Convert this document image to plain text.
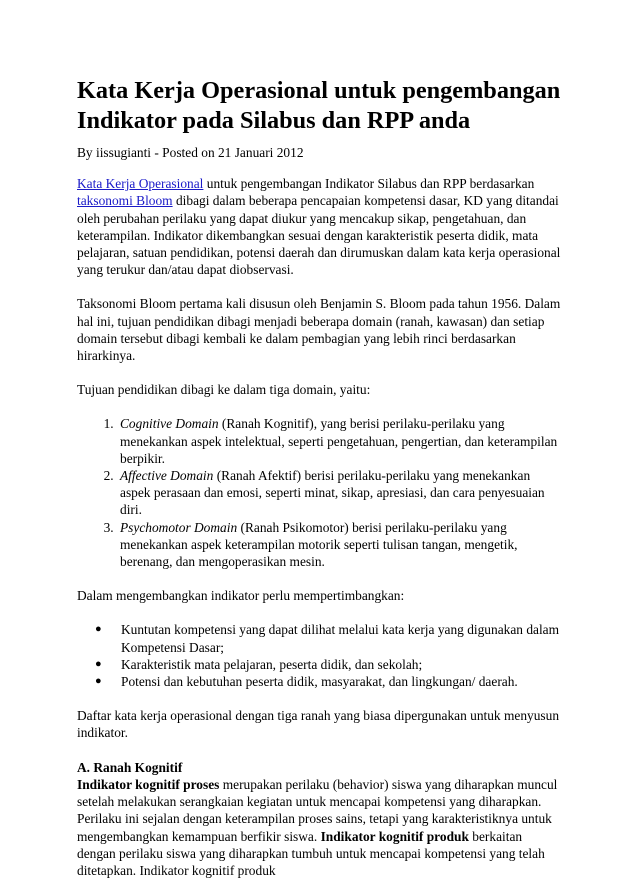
Kata Kerja Operasional untuk pengembangan Indikator pada Silabus dan RPP anda

By iissugianti - Posted on 21 Januari 2012

Kata Kerja Operasional untuk pengembangan Indikator Silabus dan RPP berdasarkan taksonomi Bloom dibagi dalam beberapa pencapaian kompetensi dasar, KD yang ditandai oleh perubahan perilaku yang dapat diukur yang mencakup sikap, pengetahuan, dan keterampilan. Indikator dikembangkan sesuai dengan karakteristik peserta didik, mata pelajaran, satuan pendidikan, potensi daerah dan dirumuskan dalam kata kerja operasional yang terukur dan/atau dapat diobservasi.

Taksonomi Bloom pertama kali disusun oleh Benjamin S. Bloom pada tahun 1956. Dalam hal ini, tujuan pendidikan dibagi menjadi beberapa domain (ranah, kawasan) dan setiap domain tersebut dibagi kembali ke dalam pembagian yang lebih rinci berdasarkan hirarkinya.

Tujuan pendidikan dibagi ke dalam tiga domain, yaitu:

1. Cognitive Domain (Ranah Kognitif), yang berisi perilaku-perilaku yang menekankan aspek intelektual, seperti pengetahuan, pengertian, dan keterampilan berpikir.
2. Affective Domain (Ranah Afektif) berisi perilaku-perilaku yang menekankan aspek perasaan dan emosi, seperti minat, sikap, apresiasi, dan cara penyesuaian diri.
3. Psychomotor Domain (Ranah Psikomotor) berisi perilaku-perilaku yang menekankan aspek keterampilan motorik seperti tulisan tangan, mengetik, berenang, dan mengoperasikan mesin.

Dalam mengembangkan indikator perlu mempertimbangkan:

● Kuntutan kompetensi yang dapat dilihat melalui kata kerja yang digunakan dalam Kompetensi Dasar;
● Karakteristik mata pelajaran, peserta didik, dan sekolah;
● Potensi dan kebutuhan peserta didik, masyarakat, dan lingkungan/ daerah.

Daftar kata kerja operasional dengan tiga ranah yang biasa dipergunakan untuk menyusun indikator.

A. Ranah Kognitif

Indikator kognitif proses merupakan perilaku (behavior) siswa yang diharapkan muncul setelah melakukan serangkaian kegiatan untuk mencapai kompetensi yang diharapkan. Perilaku ini sejalan dengan keterampilan proses sains, tetapi yang karakteristiknya untuk mengembangkan kemampuan berfikir siswa. Indikator kognitif produk berkaitan dengan perilaku siswa yang diharapkan tumbuh untuk mencapai kompetensi yang telah ditetapkan. Indikator kognitif produk
